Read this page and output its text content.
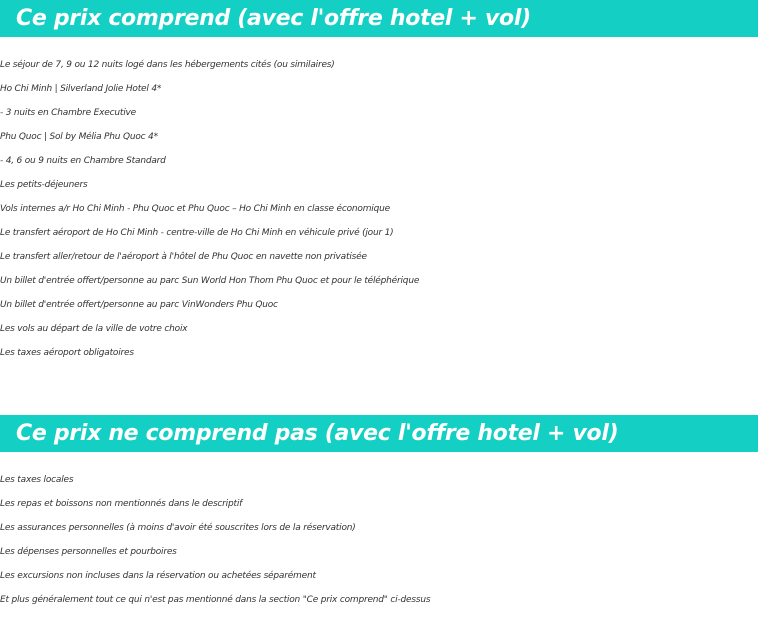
Ce prix comprend (avec l'offre hotel + vol)
Le séjour de 7, 9 ou 12 nuits logé dans les hébergements cités (ou similaires)
Ho Chi Minh | Silverland Jolie Hotel 4*
- 3 nuits en Chambre Executive
Phu Quoc | Sol by Mélia Phu Quoc 4*
- 4, 6 ou 9 nuits en Chambre Standard
Les petits-déjeuners
Vols internes a/r Ho Chi Minh - Phu Quoc et Phu Quoc – Ho Chi Minh en classe économique
Le transfert aéroport de Ho Chi Minh - centre-ville de Ho Chi Minh en véhicule privé (jour 1)
Le transfert aller/retour de l'aéroport à l'hôtel de Phu Quoc en navette non privatisée
Un billet d'entrée offert/personne au parc Sun World Hon Thom Phu Quoc et pour le téléphérique
Un billet d'entrée offert/personne au parc VinWonders Phu Quoc
Les vols au départ de la ville de votre choix
Les taxes aéroport obligatoires
Ce prix ne comprend pas (avec l'offre hotel + vol)
Les taxes locales
Les repas et boissons non mentionnés dans le descriptif
Les assurances personnelles (à moins d'avoir été souscrites lors de la réservation)
Les dépenses personnelles et pourboires
Les excursions non incluses dans la réservation ou achetées séparément
Et plus généralement tout ce qui n'est pas mentionné dans la section "Ce prix comprend" ci-dessus
